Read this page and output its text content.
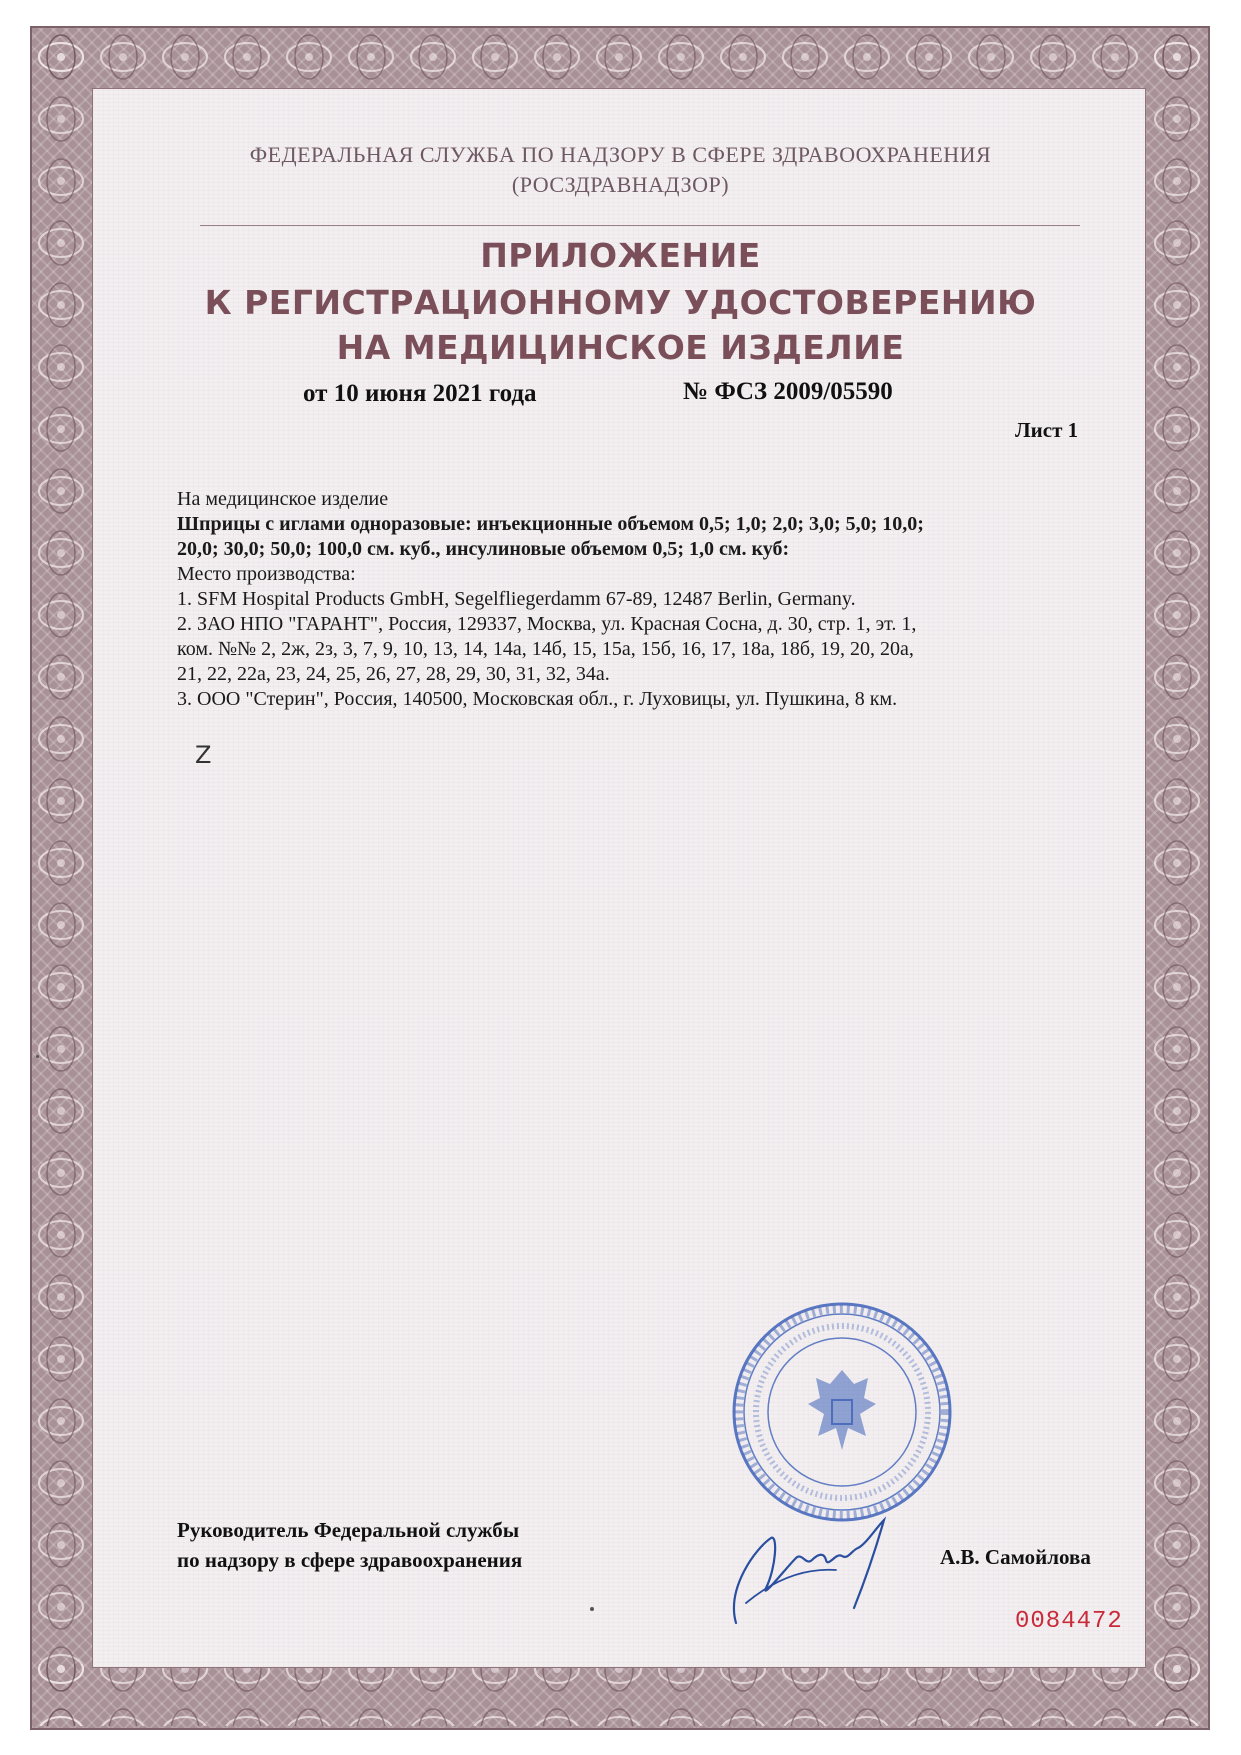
ФЕДЕРАЛЬНАЯ СЛУЖБА ПО НАДЗОРУ В СФЕРЕ ЗДРАВООХРАНЕНИЯ
(РОСЗДРАВНАДЗОР)
ПРИЛОЖЕНИЕ
К РЕГИСТРАЦИОННОМУ УДОСТОВЕРЕНИЮ
НА МЕДИЦИНСКОЕ ИЗДЕЛИЕ
от 10 июня 2021 года	№ ФСЗ 2009/05590
Лист 1
На медицинское изделие
Шприцы с иглами одноразовые: инъекционные объемом 0,5; 1,0; 2,0; 3,0; 5,0; 10,0;
20,0; 30,0; 50,0; 100,0 см. куб., инсулиновые объемом 0,5; 1,0 см. куб:
Место производства:
1. SFM Hospital Products GmbH, Segelfliegerdamm 67-89, 12487 Berlin, Germany.
2. ЗАО НПО "ГАРАНТ", Россия, 129337, Москва, ул. Красная Сосна, д. 30, стр. 1, эт. 1,
ком. №№ 2, 2ж, 2з, 3, 7, 9, 10, 13, 14, 14а, 14б, 15, 15а, 15б, 16, 17, 18а, 18б, 19, 20, 20а,
21, 22, 22а, 23, 24, 25, 26, 27, 28, 29, 30, 31, 32, 34а.
3. ООО "Стерин", Россия, 140500, Московская обл., г. Луховицы, ул. Пушкина, 8 км.
Z
Руководитель Федеральной службы
по надзору в сфере здравоохранения	А.В. Самойлова
0084472
